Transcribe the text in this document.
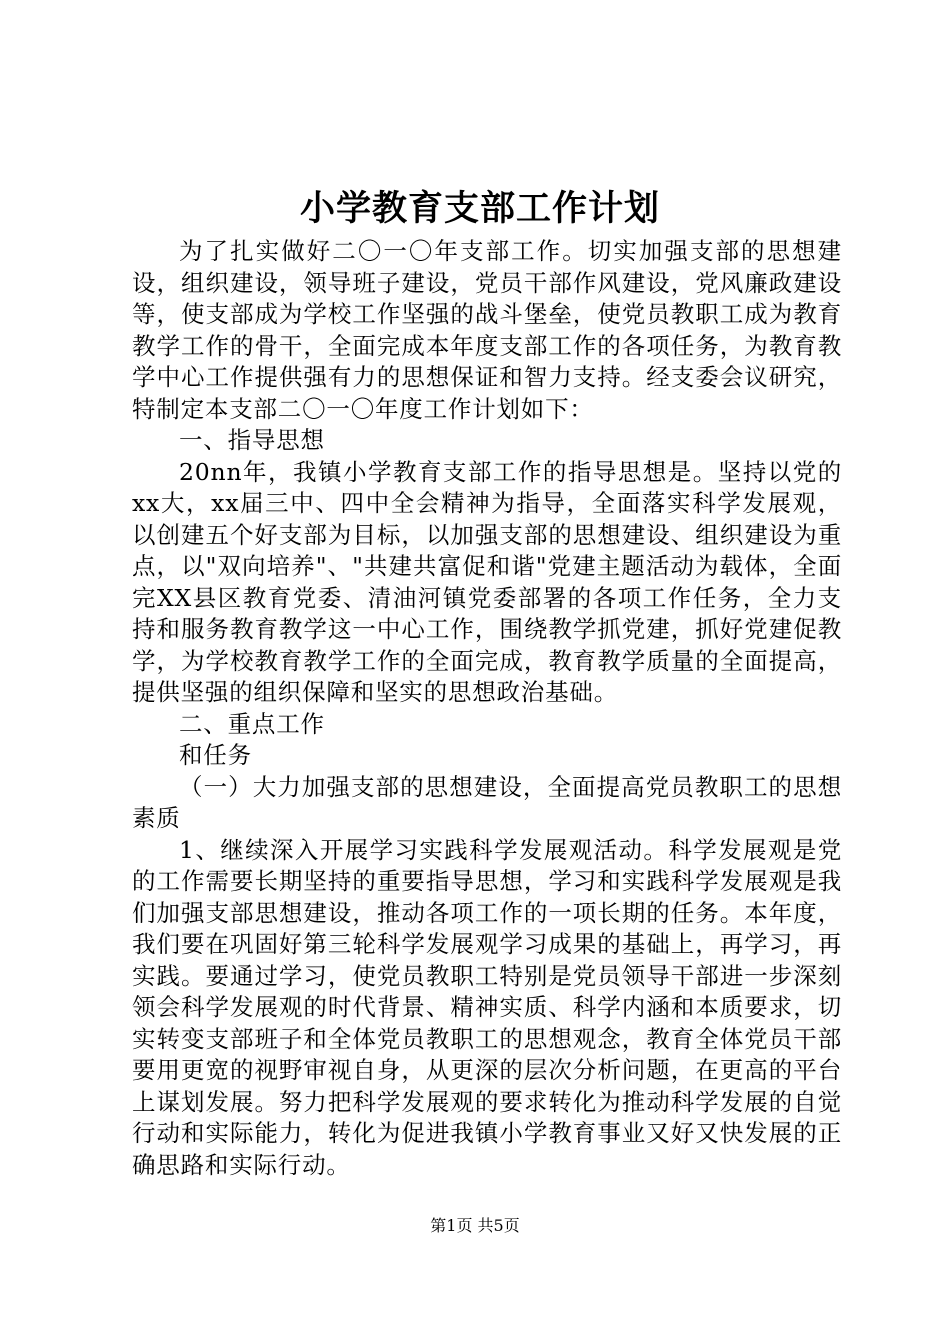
小学教育支部工作计划

为了扎实做好二〇一〇年支部工作。切实加强支部的思想建设，组织建设，领导班子建设，党员干部作风建设，党风廉政建设等，使支部成为学校工作坚强的战斗堡垒，使党员教职工成为教育教学工作的骨干，全面完成本年度支部工作的各项任务，为教育教学中心工作提供强有力的思想保证和智力支持。经支委会议研究，特制定本支部二〇一〇年度工作计划如下：

一、指导思想

20nn年，我镇小学教育支部工作的指导思想是。坚持以党的xx大，xx届三中、四中全会精神为指导，全面落实科学发展观，以创建五个好支部为目标，以加强支部的思想建设、组织建设为重点，以"双向培养"、"共建共富促和谐"党建主题活动为载体，全面完XX县区教育党委、清油河镇党委部署的各项工作任务，全力支持和服务教育教学这一中心工作，围绕教学抓党建，抓好党建促教学，为学校教育教学工作的全面完成，教育教学质量的全面提高，提供坚强的组织保障和坚实的思想政治基础。

二、重点工作

和任务

（一）大力加强支部的思想建设，全面提高党员教职工的思想素质

1、继续深入开展学习实践科学发展观活动。科学发展观是党的工作需要长期坚持的重要指导思想，学习和实践科学发展观是我们加强支部思想建设，推动各项工作的一项长期的任务。本年度，我们要在巩固好第三轮科学发展观学习成果的基础上，再学习，再实践。要通过学习，使党员教职工特别是党员领导干部进一步深刻领会科学发展观的时代背景、精神实质、科学内涵和本质要求，切实转变支部班子和全体党员教职工的思想观念，教育全体党员干部要用更宽的视野审视自身，从更深的层次分析问题，在更高的平台上谋划发展。努力把科学发展观的要求转化为推动科学发展的自觉行动和实际能力，转化为促进我镇小学教育事业又好又快发展的正确思路和实际行动。

第1页 共5页
